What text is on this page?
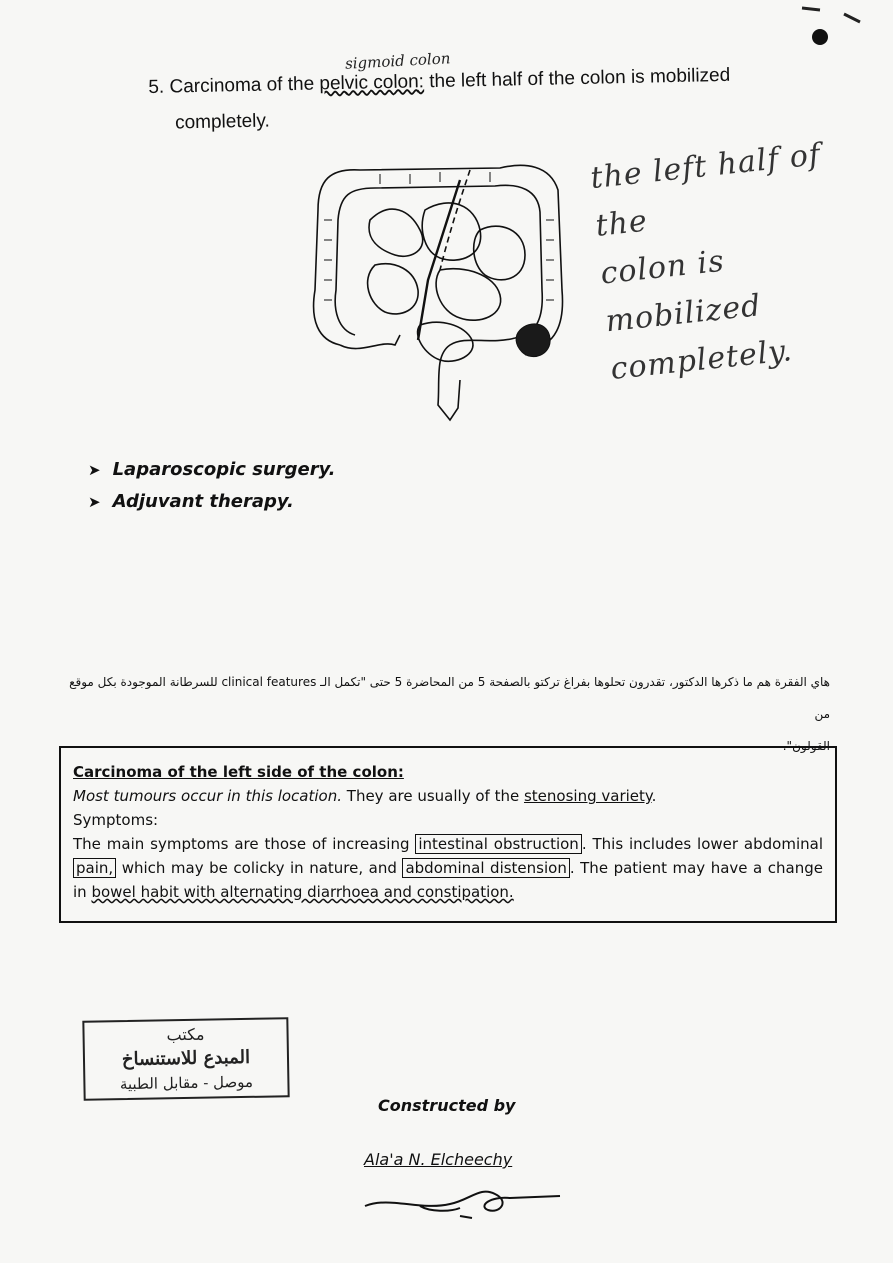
5. Carcinoma of the pelvic colon: the left half of the colon is mobilized
completely.
sigmoid colon
the left half of the
colon is mobilized
completely.
➤ Laparoscopic surgery.
➤ Adjuvant therapy.
هاي الفقرة هم ما ذكرها الدكتور، تقدرون تحلوها بفراغ تركتو بالصفحة 5 من المحاضرة 5 حتى "تكمل الـ clinical features للسرطانة الموجودة بكل موقع من
القولون".

Carcinoma of the left side of the colon:

Most tumours occur in this location. They are usually of the stenosing variety.

Symptoms:

The main symptoms are those of increasing intestinal obstruction . This includes lower abdominal pain, which may be colicky in nature, and abdominal distension . The patient may have a change in bowel habit with alternating diarrhoea and constipation.

مكتب
المبدع للاستنساخ
موصل - مقابل الطبية
Constructed by
Ala'a N. Elcheechy
